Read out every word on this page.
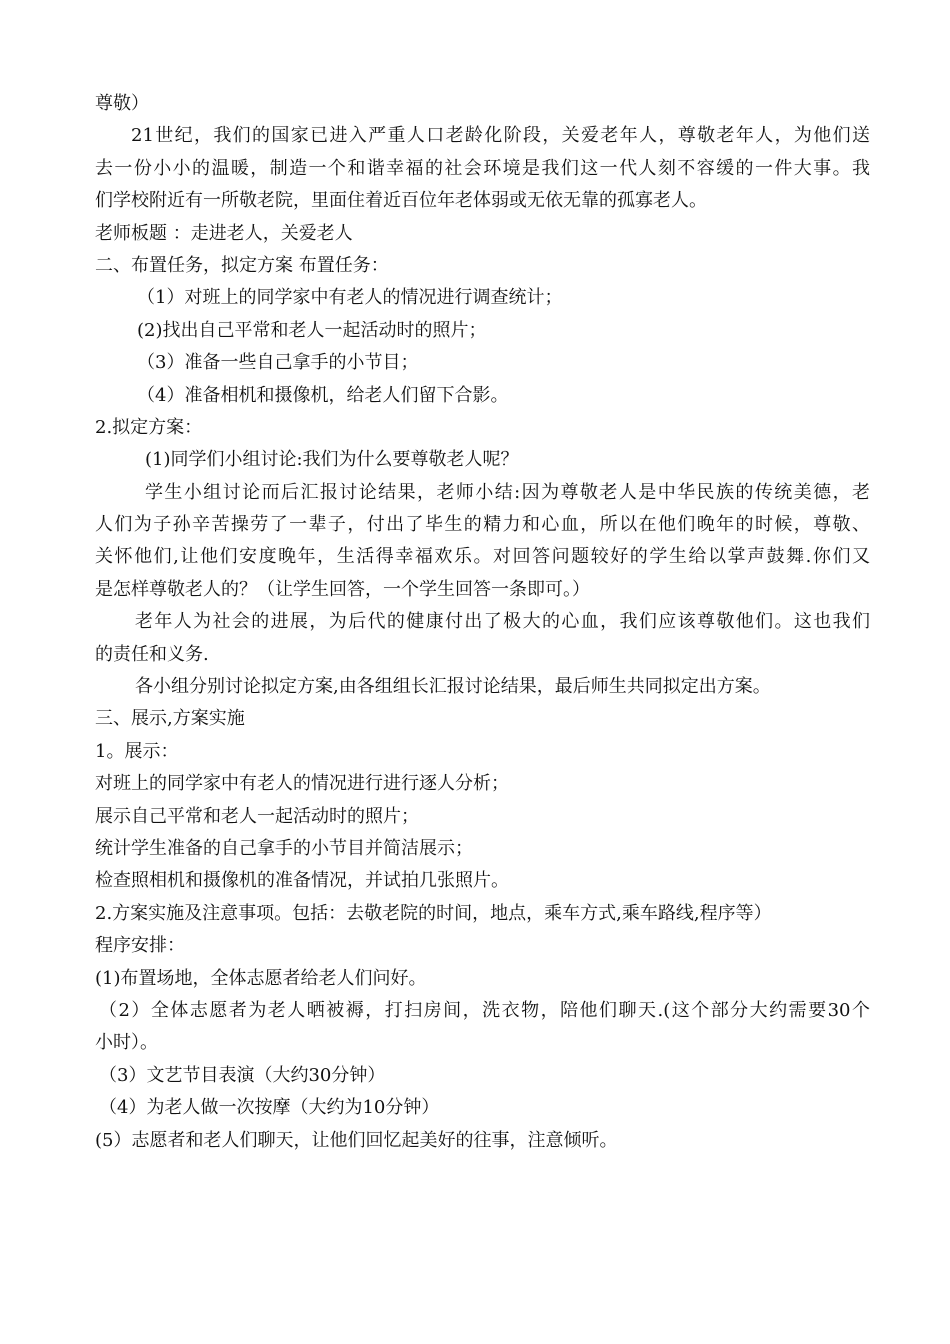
尊敬）

21世纪，我们的国家已进入严重人口老龄化阶段，关爱老年人，尊敬老年人，为他们送

去一份小小的温暖，制造一个和谐幸福的社会环境是我们这一代人刻不容缓的一件大事。我

们学校附近有一所敬老院，里面住着近百位年老体弱或无依无靠的孤寡老人。

老师板题 ：走进老人，关爱老人

二、布置任务，拟定方案 布置任务：

（1）对班上的同学家中有老人的情况进行调查统计；

(2)找出自己平常和老人一起活动时的照片；

（3）准备一些自己拿手的小节目；

（4）准备相机和摄像机，给老人们留下合影。

2.拟定方案：

(1)同学们小组讨论:我们为什么要尊敬老人呢？

学生小组讨论而后汇报讨论结果，老师小结:因为尊敬老人是中华民族的传统美德，老

人们为子孙辛苦操劳了一辈子，付出了毕生的精力和心血，所以在他们晚年的时候，尊敬、

关怀他们,让他们安度晚年，生活得幸福欢乐。对回答问题较好的学生给以掌声鼓舞.你们又

是怎样尊敬老人的？（让学生回答，一个学生回答一条即可。）

老年人为社会的进展，为后代的健康付出了极大的心血，我们应该尊敬他们。这也我们

的责任和义务.

各小组分别讨论拟定方案,由各组组长汇报讨论结果，最后师生共同拟定出方案。

三、展示,方案实施

1。展示：

对班上的同学家中有老人的情况进行进行逐人分析；

展示自己平常和老人一起活动时的照片；

统计学生准备的自己拿手的小节目并简洁展示；

检查照相机和摄像机的准备情况，并试拍几张照片。

2.方案实施及注意事项。包括：去敬老院的时间，地点，乘车方式,乘车路线,程序等）

程序安排：

(1)布置场地，全体志愿者给老人们问好。

（2）全体志愿者为老人晒被褥，打扫房间，洗衣物，陪他们聊天.(这个部分大约需要30个

小时）。

（3）文艺节目表演（大约30分钟）

（4）为老人做一次按摩（大约为10分钟）

(5）志愿者和老人们聊天，让他们回忆起美好的往事，注意倾听。
